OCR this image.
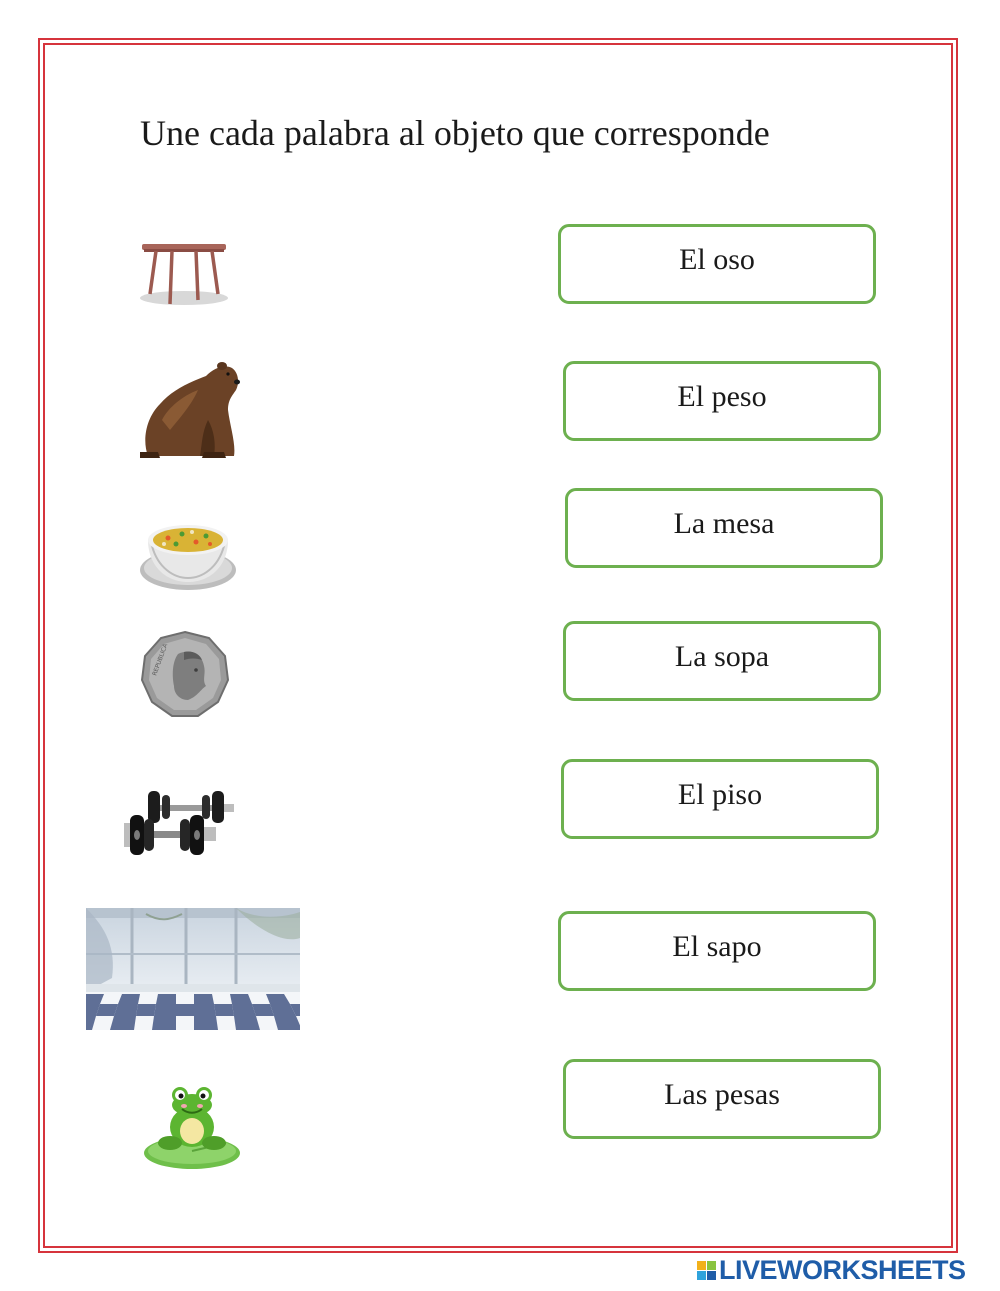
Une cada palabra al objeto que corresponde
REPUBLICA
El oso
El peso
La mesa
La sopa
El piso
El sapo
Las pesas
LIVEWORKSHEETS
